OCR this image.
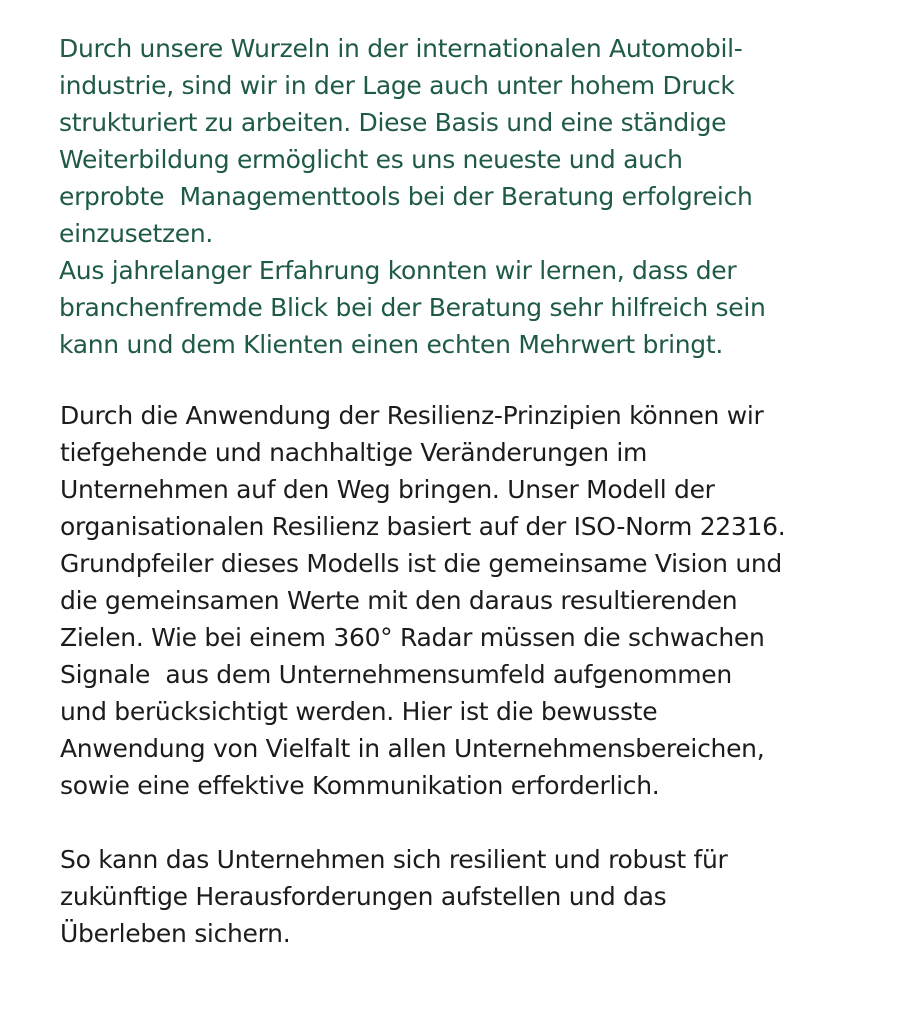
Durch unsere Wurzeln in der internationalen Automobil-
industrie, sind wir in der Lage auch unter hohem Druck
strukturiert zu arbeiten. Diese Basis und eine ständige
Weiterbildung ermöglicht es uns neueste und auch
erprobte  Managementtools bei der Beratung erfolgreich
einzusetzen.
Aus jahrelanger Erfahrung konnten wir lernen, dass der
branchenfremde Blick bei der Beratung sehr hilfreich sein
kann und dem Klienten einen echten Mehrwert bringt.
Durch die Anwendung der Resilienz-Prinzipien können wir
tiefgehende und nachhaltige Veränderungen im
Unternehmen auf den Weg bringen. Unser Modell der
organisationalen Resilienz basiert auf der ISO-Norm 22316.
Grundpfeiler dieses Modells ist die gemeinsame Vision und
die gemeinsamen Werte mit den daraus resultierenden
Zielen. Wie bei einem 360° Radar müssen die schwachen
Signale  aus dem Unternehmensumfeld aufgenommen
und berücksichtigt werden. Hier ist die bewusste
Anwendung von Vielfalt in allen Unternehmensbereichen,
sowie eine effektive Kommunikation erforderlich.
So kann das Unternehmen sich resilient und robust für
zukünftige Herausforderungen aufstellen und das
Überleben sichern.
